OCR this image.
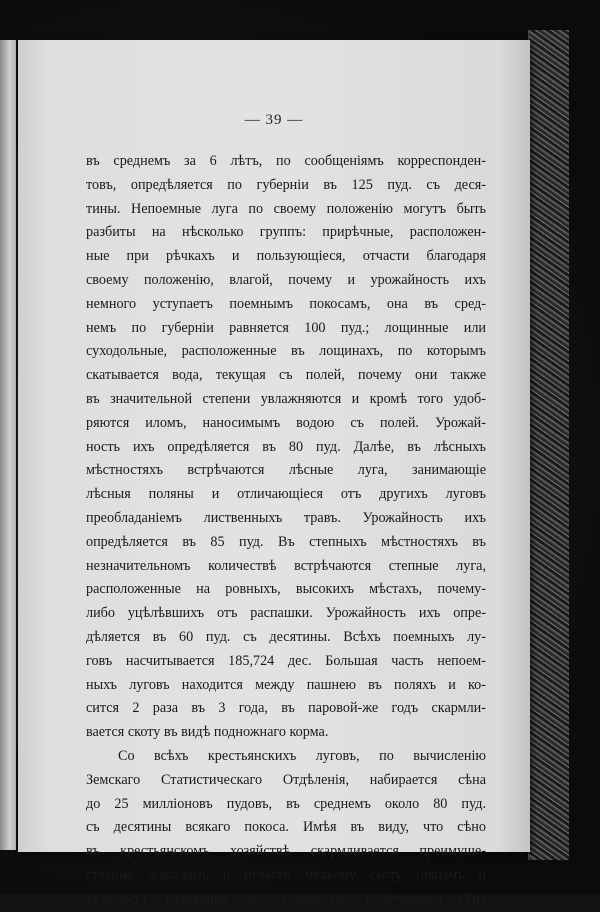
— 39 —
въ среднемъ за 6 лѣтъ, по сообщеніямъ корреспонден-
товъ, опредѣляется по губерніи въ 125 пуд. съ деся-
тины. Непоемные луга по своему положенію могутъ быть
разбиты на нѣсколько группъ: прирѣчные, расположен-
ные при рѣчкахъ и пользующіеся, отчасти благодаря
своему положенію, влагой, почему и урожайность ихъ
немного уступаетъ поемнымъ покосамъ, она въ сред-
немъ по губерніи равняется 100 пуд.; лощинные или
суходольные, расположенные въ лощинахъ, по которымъ
скатывается вода, текущая съ полей, почему они также
въ значительной степени увлажняются и кромѣ того удоб-
ряются иломъ, наносимымъ водою съ полей. Урожай-
ность ихъ опредѣляется въ 80 пуд. Далѣе, въ лѣсныхъ
мѣстностяхъ встрѣчаются лѣсные луга, занимающіе
лѣсныя поляны и отличающіеся отъ другихъ луговъ
преобладаніемъ лиственныхъ травъ. Урожайность ихъ
опредѣляется въ 85 пуд. Въ степныхъ мѣстностяхъ въ
незначительномъ количествѣ встрѣчаются степные луга,
расположенные на ровныхъ, высокихъ мѣстахъ, почему-
либо уцѣлѣвшихъ отъ распашки. Урожайность ихъ опре-
дѣляется въ 60 пуд. съ десятины. Всѣхъ поемныхъ лу-
говъ насчитывается 185,724 дес. Большая часть непоем-
ныхъ луговъ находится между пашнею въ поляхъ и ко-
сится 2 раза въ 3 года, въ паровой-же годъ скармли-
вается скоту въ видѣ подножнаго корма.
Со всѣхъ крестьянскихъ луговъ, по вычисленію
Земскаго Статистическаго Отдѣленія, набирается сѣна
до 25 милліоновъ пудовъ, въ среднемъ около 80 пуд.
съ десятины всякаго покоса. Имѣя въ виду, что сѣно
въ крестьянскомъ хозяйствѣ скармливается преимуще-
ственно лошадямъ и отчасти мелкому скоту (овцамъ и
телятамъ), раздѣлимъ все количество получаемаго сѣна
